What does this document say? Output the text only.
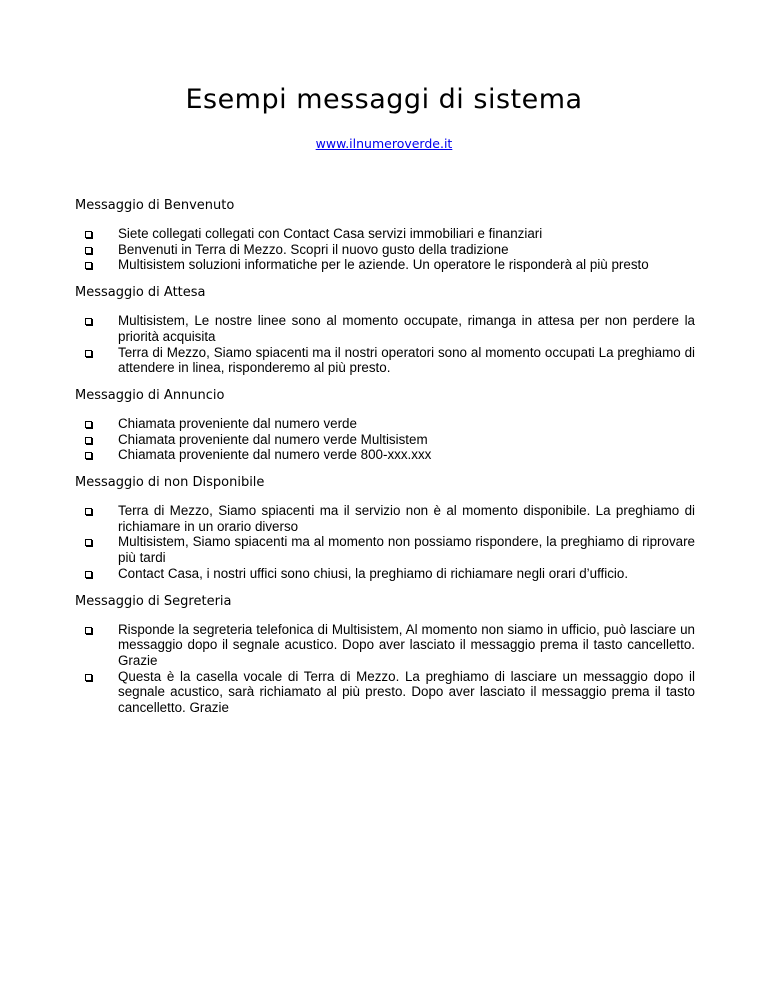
Esempi messaggi di sistema
www.ilnumeroverde.it
Messaggio di Benvenuto
Siete collegati collegati con Contact Casa servizi immobiliari e finanziari
Benvenuti in Terra di Mezzo. Scopri il nuovo gusto della tradizione
Multisistem soluzioni informatiche per le aziende. Un operatore le risponderà al più presto
Messaggio di Attesa
Multisistem, Le nostre linee sono al momento occupate, rimanga in attesa per non perdere la priorità acquisita
Terra di Mezzo, Siamo spiacenti ma il nostri operatori sono al momento occupati La preghiamo di attendere in linea, risponderemo al più presto.
Messaggio di Annuncio
Chiamata proveniente dal numero verde
Chiamata proveniente dal numero verde Multisistem
Chiamata proveniente dal numero verde 800-xxx.xxx
Messaggio di non Disponibile
Terra di Mezzo, Siamo spiacenti ma il servizio non è al momento disponibile. La preghiamo di richiamare in un orario diverso
Multisistem, Siamo spiacenti ma al momento non possiamo rispondere, la preghiamo di riprovare più tardi
Contact Casa, i nostri uffici sono chiusi, la preghiamo di richiamare negli orari d’ufficio.
Messaggio di Segreteria
Risponde la segreteria telefonica di Multisistem, Al momento non siamo in ufficio, può lasciare un messaggio dopo il segnale acustico. Dopo aver lasciato il messaggio prema il tasto cancelletto. Grazie
Questa è la casella vocale di Terra di Mezzo. La preghiamo di lasciare un messaggio dopo il segnale acustico, sarà richiamato al più presto. Dopo aver lasciato il messaggio prema il tasto cancelletto. Grazie
